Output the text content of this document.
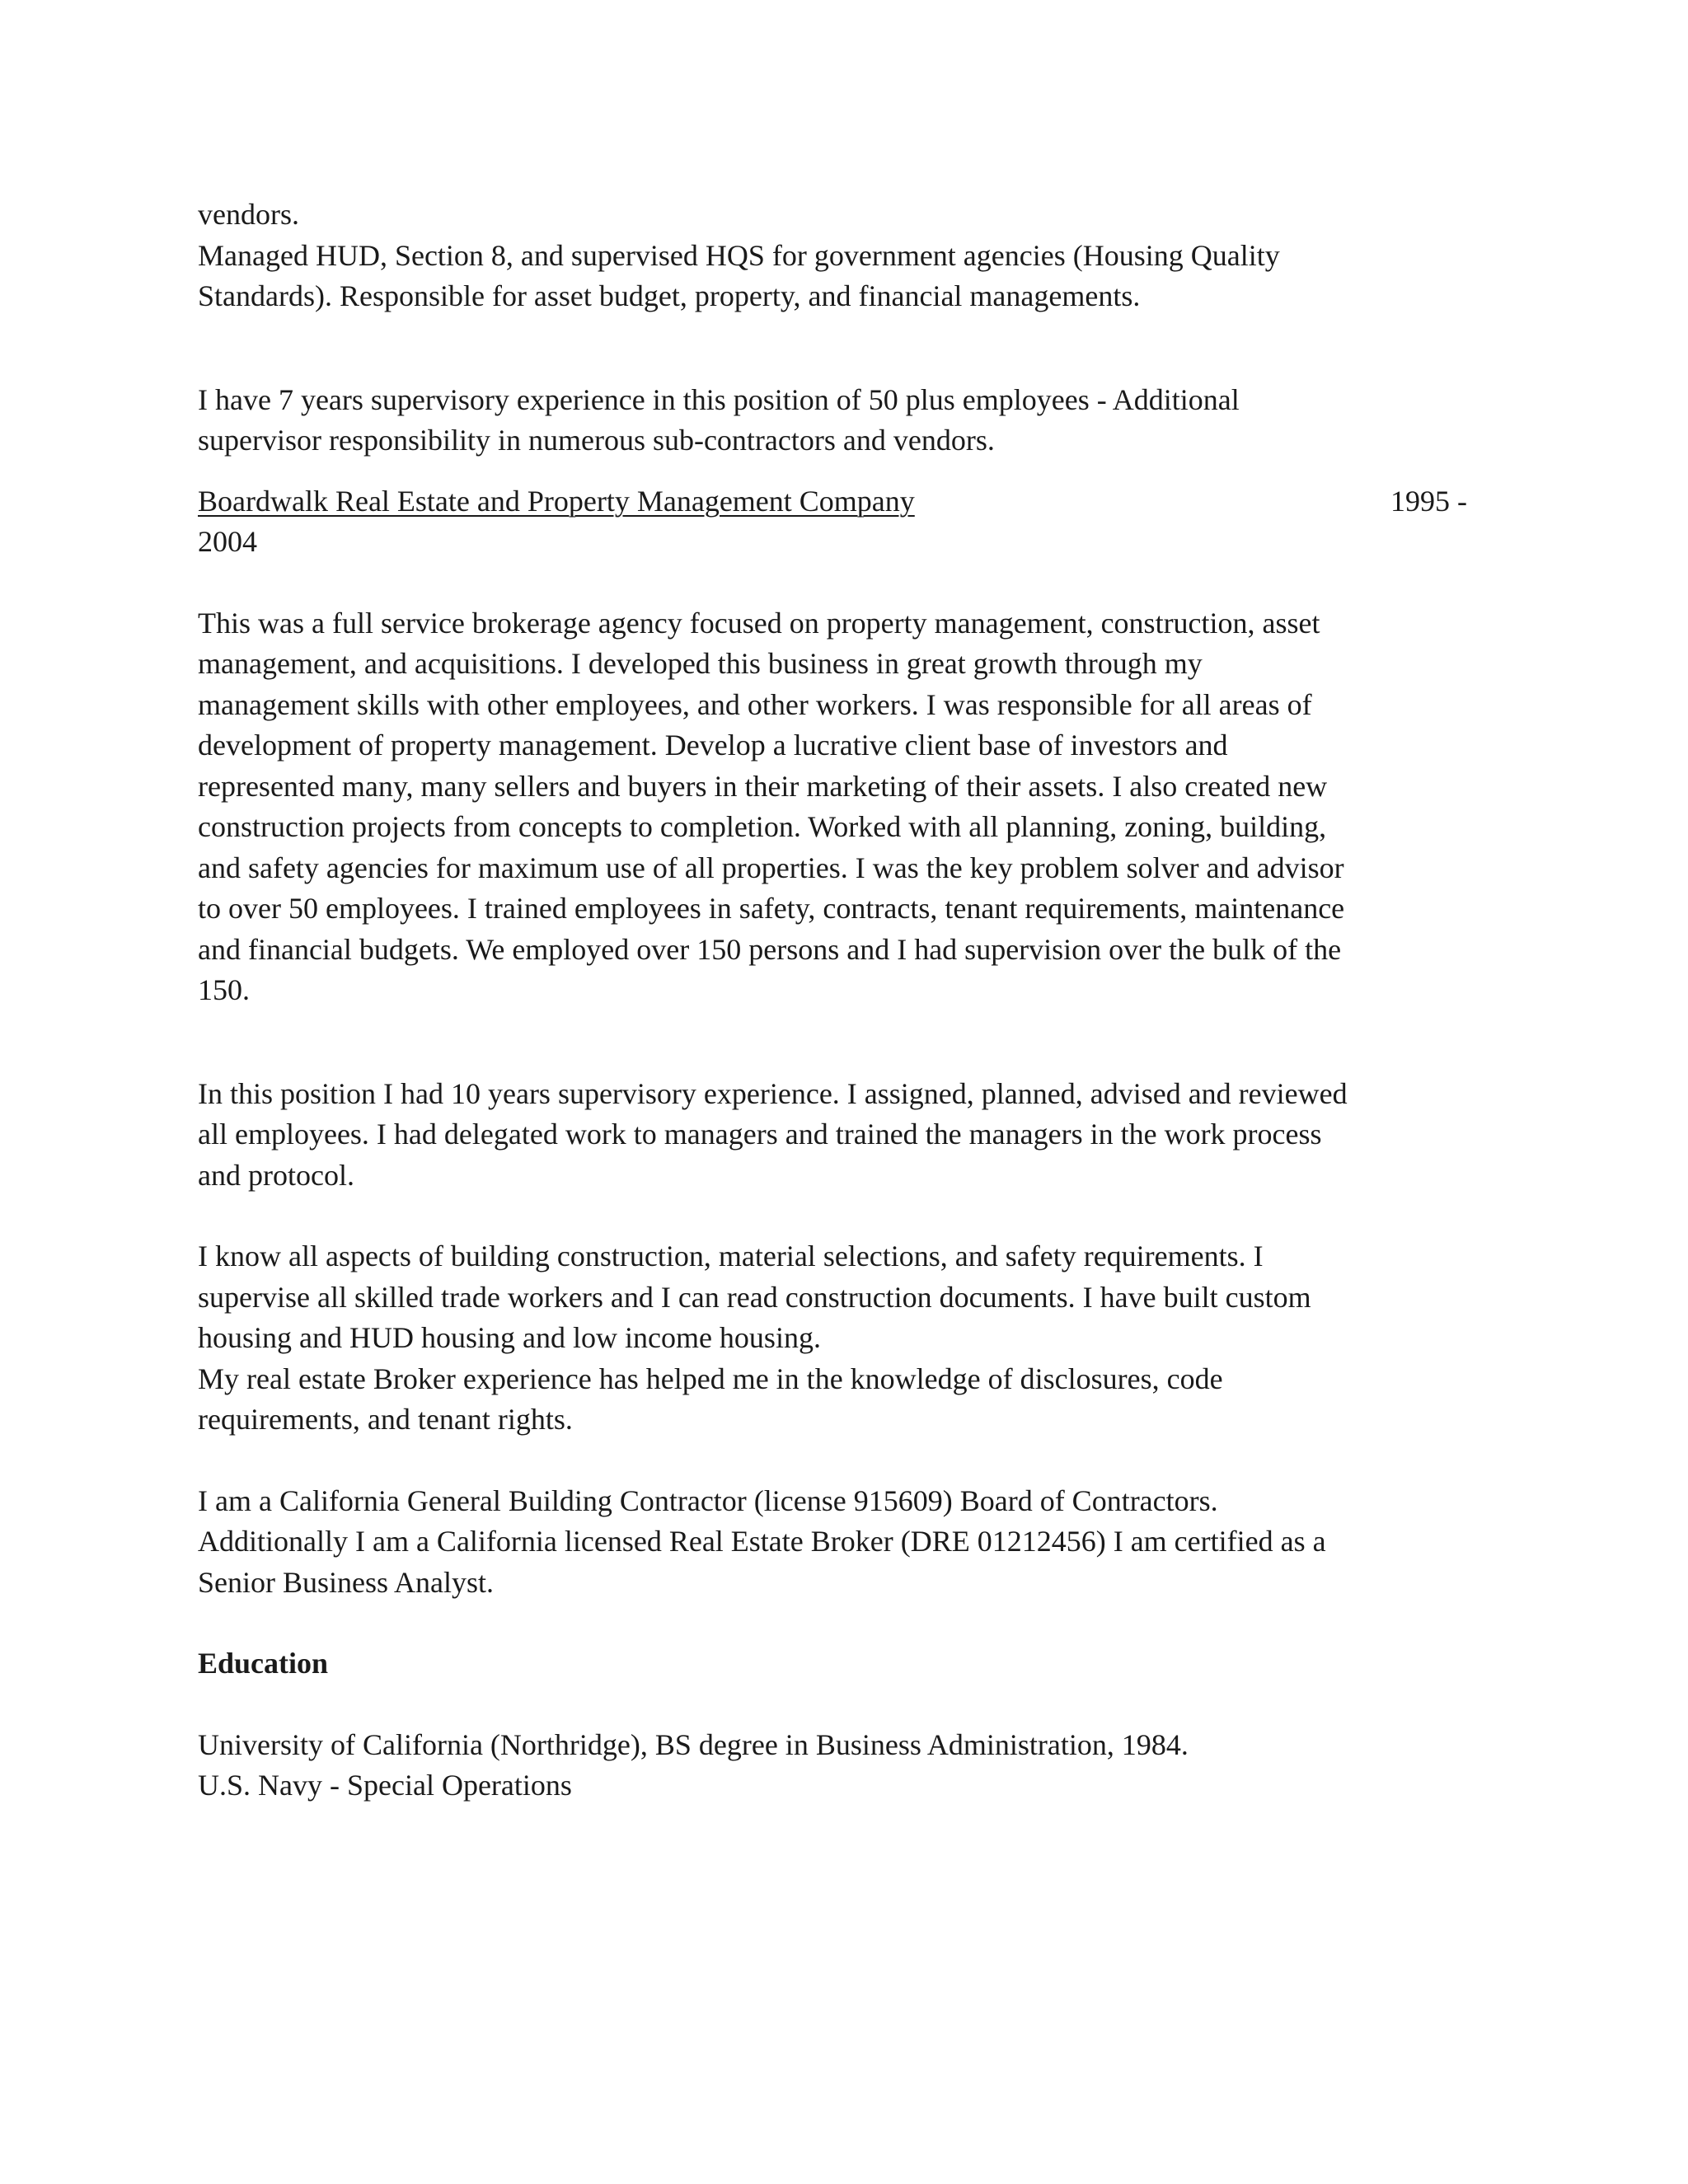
vendors.

Managed HUD, Section 8, and supervised HQS for government agencies (Housing Quality

Standards). Responsible for asset budget, property, and financial managements.

I have 7 years supervisory experience in this position of 50 plus employees - Additional

supervisor responsibility in numerous sub-contractors and vendors.

Boardwalk Real Estate and Property Management Company	1995 -

2004

This was a full service brokerage agency focused on property management, construction, asset

management, and acquisitions. I developed this business in great growth through my

management skills with other employees, and other workers. I was responsible for all areas of

development of property management. Develop a lucrative client base of investors and

represented many, many sellers and buyers in their marketing of their assets. I also created new

construction projects from concepts to completion. Worked with all planning, zoning, building,

and safety agencies for maximum use of all properties. I was the key problem solver and advisor

to over 50 employees. I trained employees in safety, contracts, tenant requirements, maintenance

and financial budgets. We employed over 150 persons and I had supervision over the bulk of the

150.

In this position I had 10 years supervisory experience. I assigned, planned, advised and reviewed

all employees. I had delegated work to managers and trained the managers in the work process

and protocol.

I know all aspects of building construction, material selections, and safety requirements. I

supervise all skilled trade workers and I can read construction documents. I have built custom

housing and HUD housing and low income housing.

My real estate Broker experience has helped me in the knowledge of disclosures, code

requirements, and tenant rights.

I am a California General Building Contractor (license 915609) Board of Contractors.

Additionally I am a California licensed Real Estate Broker (DRE 01212456) I am certified as a

Senior Business Analyst.

Education

University of California (Northridge), BS degree in Business Administration, 1984.

U.S. Navy - Special Operations
